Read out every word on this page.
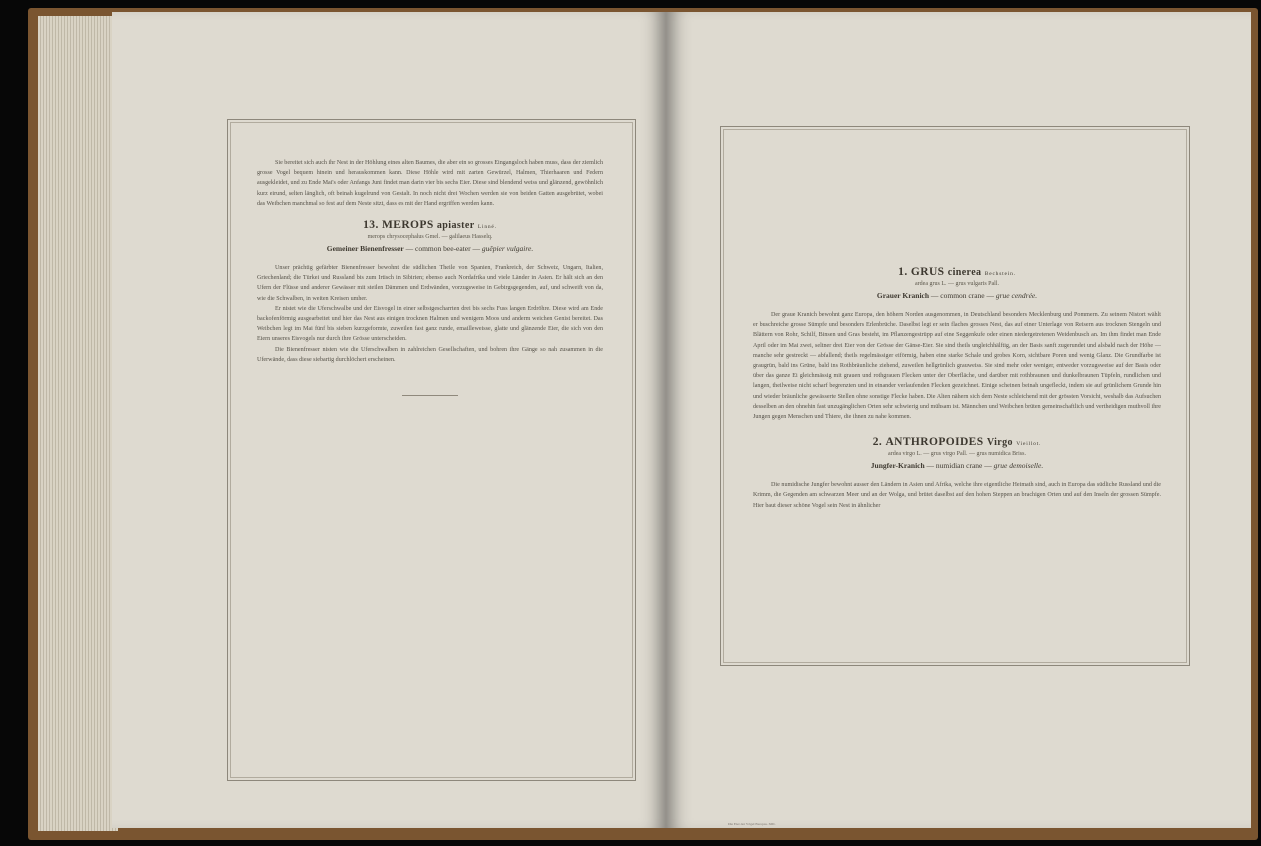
Sie bereitet sich auch ihr Nest in der Höhlung eines alten Baumes, die aber ein so grosses Eingangsloch haben muss, dass der ziemlich grosse Vogel bequem hinein und herauskommen kann. Diese Höhle wird mit zarten Gewürzel, Halmen, Thierhaaren und Federn ausgekleidet, und zu Ende Mai's oder Anfangs Juni findet man darin vier bis sechs Eier. Diese sind blendend weiss und glänzend, gewöhnlich kurz eirund, selten länglich, oft beinah kugelrund von Gestalt. In noch nicht drei Wochen werden sie von beiden Gatten ausgebrütet, wobei das Weibchen manchmal so fest auf dem Neste sitzt, dass es mit der Hand ergriffen werden kann.

13. MEROPS apiaster Linné.
merops chrysocephalus Gmel. — galilaeus Hasselq.
Gemeiner Bienenfresser — common bee-eater — guêpier vulgaire.

Unser prächtig gefärbter Bienenfresser bewohnt die südlichen Theile von Spanien, Frankreich, der Schweiz, Ungarn, Italien, Griechenland; die Türkei und Russland bis zum Irtisch in Sibirien; ebenso auch Nordafrika und viele Länder in Asien. Er hält sich an den Ufern der Flüsse und anderer Gewässer mit steilen Dämmen und Erdwänden, vorzugsweise in Gebirgsgegenden, auf, und schweift von da, wie die Schwalben, in weiten Kreisen umher.

Er nistet wie die Uferschwalbe und der Eisvogel in einer selbstgescharrten drei bis sechs Fuss langen Erdröhre. Diese wird am Ende backofenförmig ausgearbeitet und hier das Nest aus einigen trocknen Halmen und wenigem Moos und anderm weichen Genist bereitet. Das Weibchen legt im Mai fünf bis sieben kurzgeformte, zuweilen fast ganz runde, emailleweisse, glatte und glänzende Eier, die sich von den Eiern unseres Eisvogels nur durch ihre Grösse unterscheiden.

Die Bienenfresser nisten wie die Uferschwalben in zahlreichen Gesellschaften, und bohren ihre Gänge so nah zusammen in die Uferwände, dass diese siebartig durchlöchert erscheinen.

1. GRUS cinerea Bechstein.
ardea grus L. — grus vulgaris Pall.
Grauer Kranich — common crane — grue cendrée.

Der graue Kranich bewohnt ganz Europa, den höhern Norden ausgenommen, in Deutschland besonders Mecklenburg und Pommern. Zu seinem Nistort wählt er buschreiche grosse Sümpfe und besonders Erlenbrüche. Daselbst legt er sein flaches grosses Nest, das auf einer Unterlage von Reisern aus trocknen Stengeln und Blättern von Rohr, Schilf, Binsen und Gras besteht, im Pflanzengestrüpp auf eine Seggenkufe oder einen niedergetretenen Weidenbusch an. Im ihm findet man Ende April oder im Mai zwei, seltner drei Eier von der Grösse der Gänse-Eier. Sie sind theils ungleichhälftig, an der Basis sanft zugerundet und alsbald nach der Höhe — manche sehr gestreckt — abfallend; theils regelmässiger eiförmig, haben eine starke Schale und grobes Korn, sichtbare Poren und wenig Glanz. Die Grundfarbe ist graugrün, bald ins Grüne, bald ins Rothbräunliche ziehend, zuweilen hellgrünlich grauweiss. Sie sind mehr oder weniger, entweder vorzugsweise auf der Basis oder über das ganze Ei gleichmässig mit grauen und rothgrauen Flecken unter der Oberfläche, und darüber mit rothbraunen und dunkelbraunen Tüpfeln, rundlichen und langen, theilweise nicht scharf begrenzten und in einander verlaufenden Flecken gezeichnet. Einige scheinen beinah ungefleckt, indem sie auf grünlichem Grunde hin und wieder bräunliche gewässerte Stellen ohne sonstige Flecke haben. Die Alten nähern sich dem Neste schleichend mit der grössten Vorsicht, weshalb das Aufsuchen desselben an den ohnehin fast unzugänglichen Orten sehr schwierig und mühsam ist. Männchen und Weibchen brüten gemeinschaftlich und vertheidigen muthvoll ihre Jungen gegen Menschen und Thiere, die ihnen zu nahe kommen.

2. ANTHROPOIDES Virgo Vieillot.
ardea virgo L. — grus virgo Pall. — grus numidica Briss.
Jungfer-Kranich — numidian crane — grue demoiselle.

Die numidische Jungfer bewohnt ausser den Ländern in Asien und Afrika, welche ihre eigentliche Heimath sind, auch in Europa das südliche Russland und die Krimm, die Gegenden am schwarzen Meer und an der Wolga, und brütet daselbst auf den hohen Steppen an brachigen Orten und auf den Inseln der grossen Sümpfe. Hier baut dieser schöne Vogel sein Nest in ähnlicher

Die Eier der Vögel Europas. XIII.
